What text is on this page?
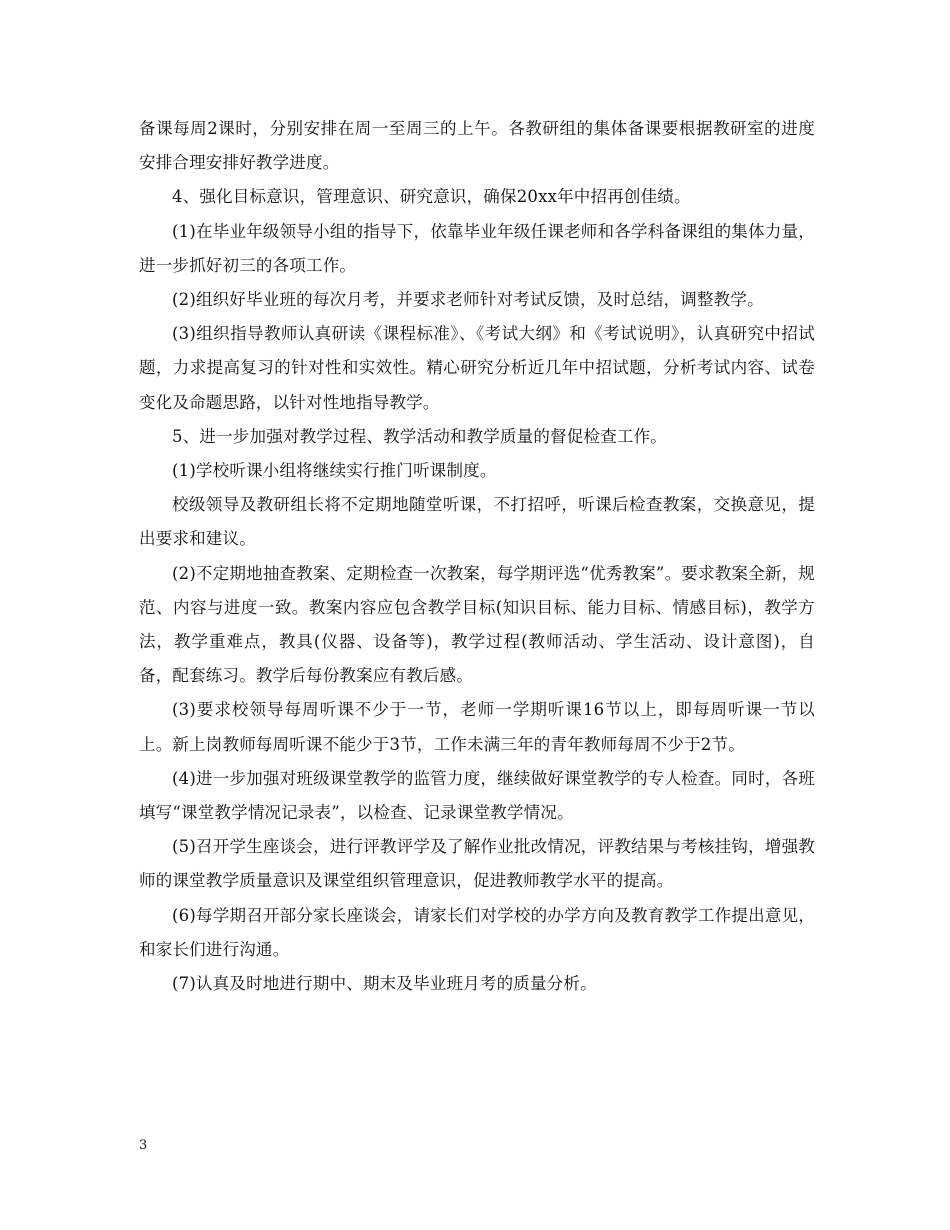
备课每周2课时，分别安排在周一至周三的上午。各教研组的集体备课要根据教研室的进度安排合理安排好教学进度。

4、强化目标意识，管理意识、研究意识，确保20xx年中招再创佳绩。

(1)在毕业年级领导小组的指导下，依靠毕业年级任课老师和各学科备课组的集体力量，进一步抓好初三的各项工作。

(2)组织好毕业班的每次月考，并要求老师针对考试反馈，及时总结，调整教学。

(3)组织指导教师认真研读《课程标准》、《考试大纲》和《考试说明》，认真研究中招试题，力求提高复习的针对性和实效性。精心研究分析近几年中招试题，分析考试内容、试卷变化及命题思路，以针对性地指导教学。

5、进一步加强对教学过程、教学活动和教学质量的督促检查工作。

(1)学校听课小组将继续实行推门听课制度。

校级领导及教研组长将不定期地随堂听课，不打招呼，听课后检查教案，交换意见，提出要求和建议。

(2)不定期地抽查教案、定期检查一次教案，每学期评选“优秀教案”。要求教案全新，规范、内容与进度一致。教案内容应包含教学目标(知识目标、能力目标、情感目标)，教学方法，教学重难点，教具(仪器、设备等)，教学过程(教师活动、学生活动、设计意图)，自备，配套练习。教学后每份教案应有教后感。

(3)要求校领导每周听课不少于一节，老师一学期听课16节以上，即每周听课一节以上。新上岗教师每周听课不能少于3节，工作未满三年的青年教师每周不少于2节。

(4)进一步加强对班级课堂教学的监管力度，继续做好课堂教学的专人检查。同时，各班填写“课堂教学情况记录表”，以检查、记录课堂教学情况。

(5)召开学生座谈会，进行评教评学及了解作业批改情况，评教结果与考核挂钩，增强教师的课堂教学质量意识及课堂组织管理意识，促进教师教学水平的提高。

(6)每学期召开部分家长座谈会，请家长们对学校的办学方向及教育教学工作提出意见，和家长们进行沟通。

(7)认真及时地进行期中、期末及毕业班月考的质量分析。

3
